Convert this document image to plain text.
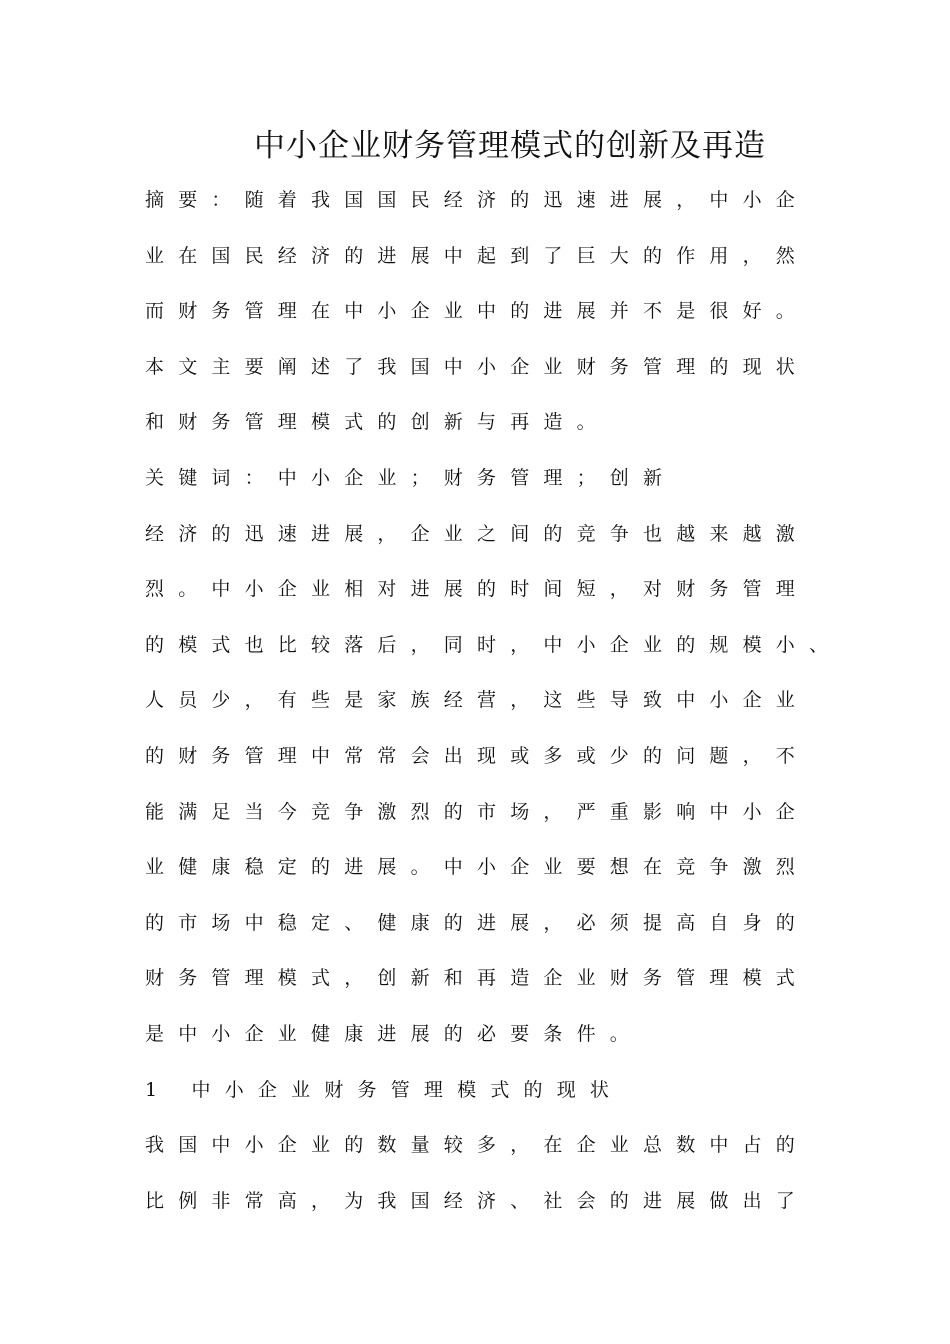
中小企业财务管理模式的创新及再造

摘要：随着我国国民经济的迅速进展，中小企

业在国民经济的进展中起到了巨大的作用，然

而财务管理在中小企业中的进展并不是很好。

本文主要阐述了我国中小企业财务管理的现状

和财务管理模式的创新与再造。

关键词：中小企业；财务管理；创新

经济的迅速进展，企业之间的竞争也越来越激

烈。中小企业相对进展的时间短，对财务管理

的模式也比较落后，同时，中小企业的规模小、

人员少，有些是家族经营，这些导致中小企业

的财务管理中常常会出现或多或少的问题，不

能满足当今竞争激烈的市场，严重影响中小企

业健康稳定的进展。中小企业要想在竞争激烈

的市场中稳定、健康的进展，必须提高自身的

财务管理模式，创新和再造企业财务管理模式

是中小企业健康进展的必要条件。

1 中小企业财务管理模式的现状

我国中小企业的数量较多，在企业总数中占的

比例非常高，为我国经济、社会的进展做出了
